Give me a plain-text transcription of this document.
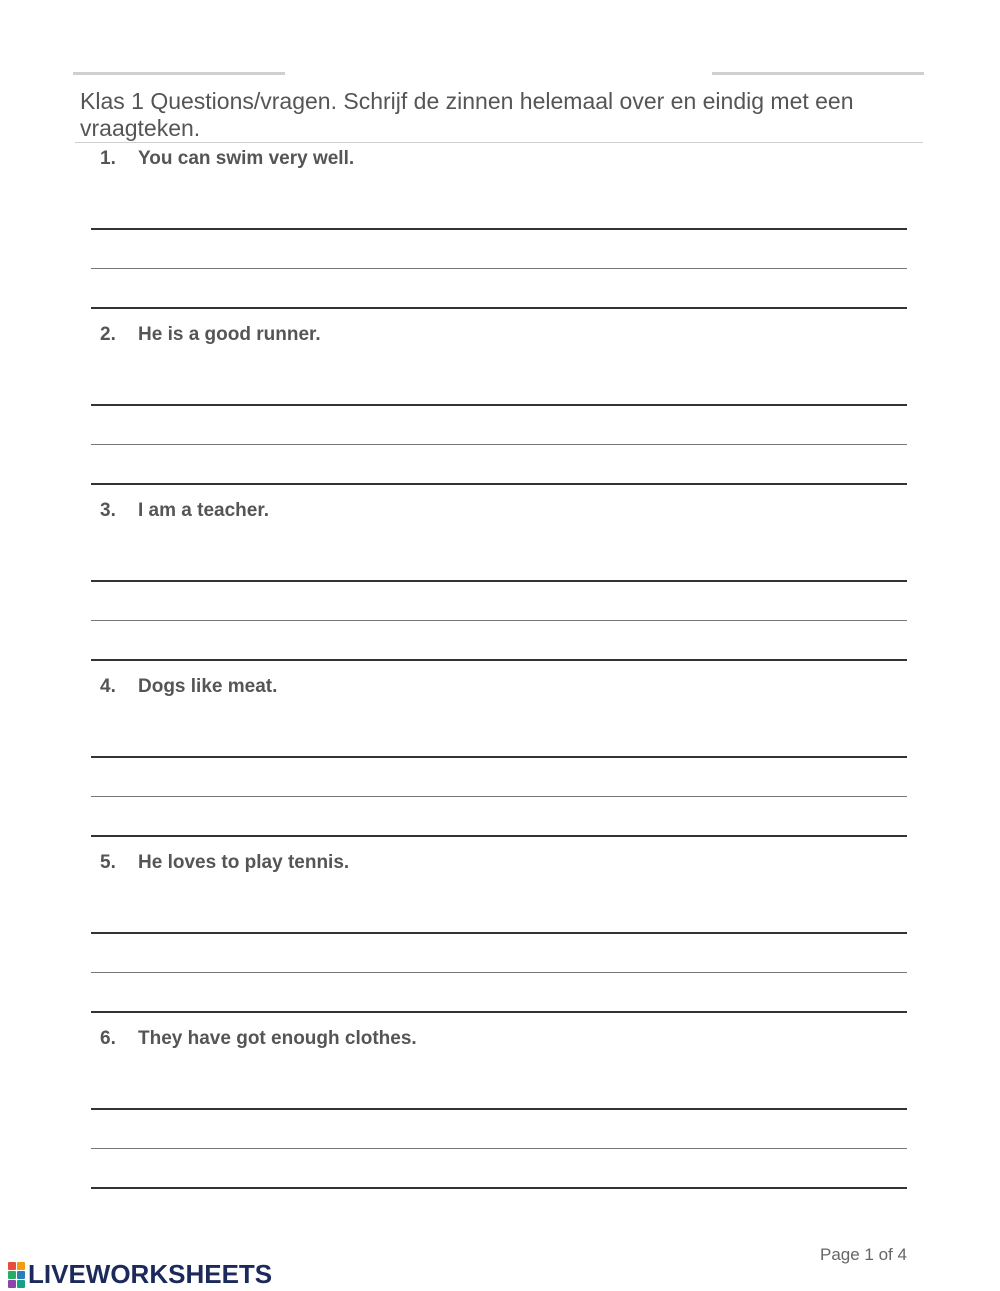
Klas 1 Questions/vragen. Schrijf de zinnen helemaal over en eindig met een vraagteken.
1. You can swim very well.
2. He is a good runner.
3. I am a teacher.
4. Dogs like meat.
5. He loves to play tennis.
6. They have got enough clothes.
Page 1 of 4
LIVEWORKSHEETS
